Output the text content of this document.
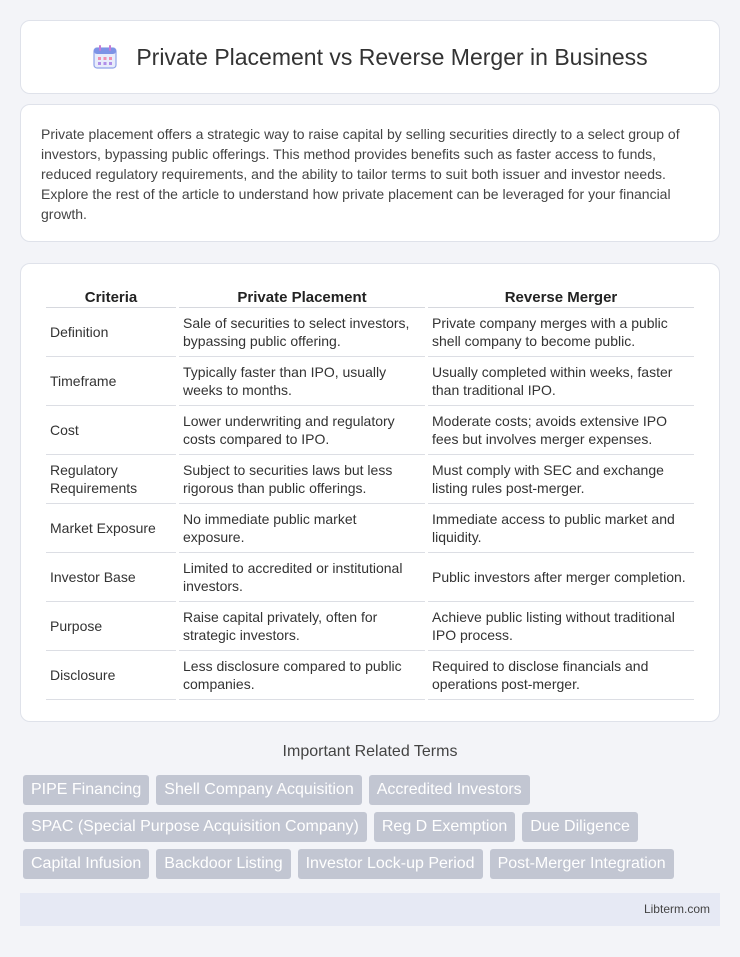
Private Placement vs Reverse Merger in Business

Private placement offers a strategic way to raise capital by selling securities directly to a select group of investors, bypassing public offerings. This method provides benefits such as faster access to funds, reduced regulatory requirements, and the ability to tailor terms to suit both issuer and investor needs. Explore the rest of the article to understand how private placement can be leveraged for your financial growth.

Criteria	Private Placement	Reverse Merger
Definition	Sale of securities to select investors, bypassing public offering.	Private company merges with a public shell company to become public.
Timeframe	Typically faster than IPO, usually weeks to months.	Usually completed within weeks, faster than traditional IPO.
Cost	Lower underwriting and regulatory costs compared to IPO.	Moderate costs; avoids extensive IPO fees but involves merger expenses.
Regulatory Requirements	Subject to securities laws but less rigorous than public offerings.	Must comply with SEC and exchange listing rules post-merger.
Market Exposure	No immediate public market exposure.	Immediate access to public market and liquidity.
Investor Base	Limited to accredited or institutional investors.	Public investors after merger completion.
Purpose	Raise capital privately, often for strategic investors.	Achieve public listing without traditional IPO process.
Disclosure	Less disclosure compared to public companies.	Required to disclose financials and operations post-merger.
Important Related Terms
PIPE Financing	Shell Company Acquisition	Accredited Investors
SPAC (Special Purpose Acquisition Company)	Reg D Exemption	Due Diligence
Capital Infusion	Backdoor Listing	Investor Lock-up Period	Post-Merger Integration
Libterm.com
